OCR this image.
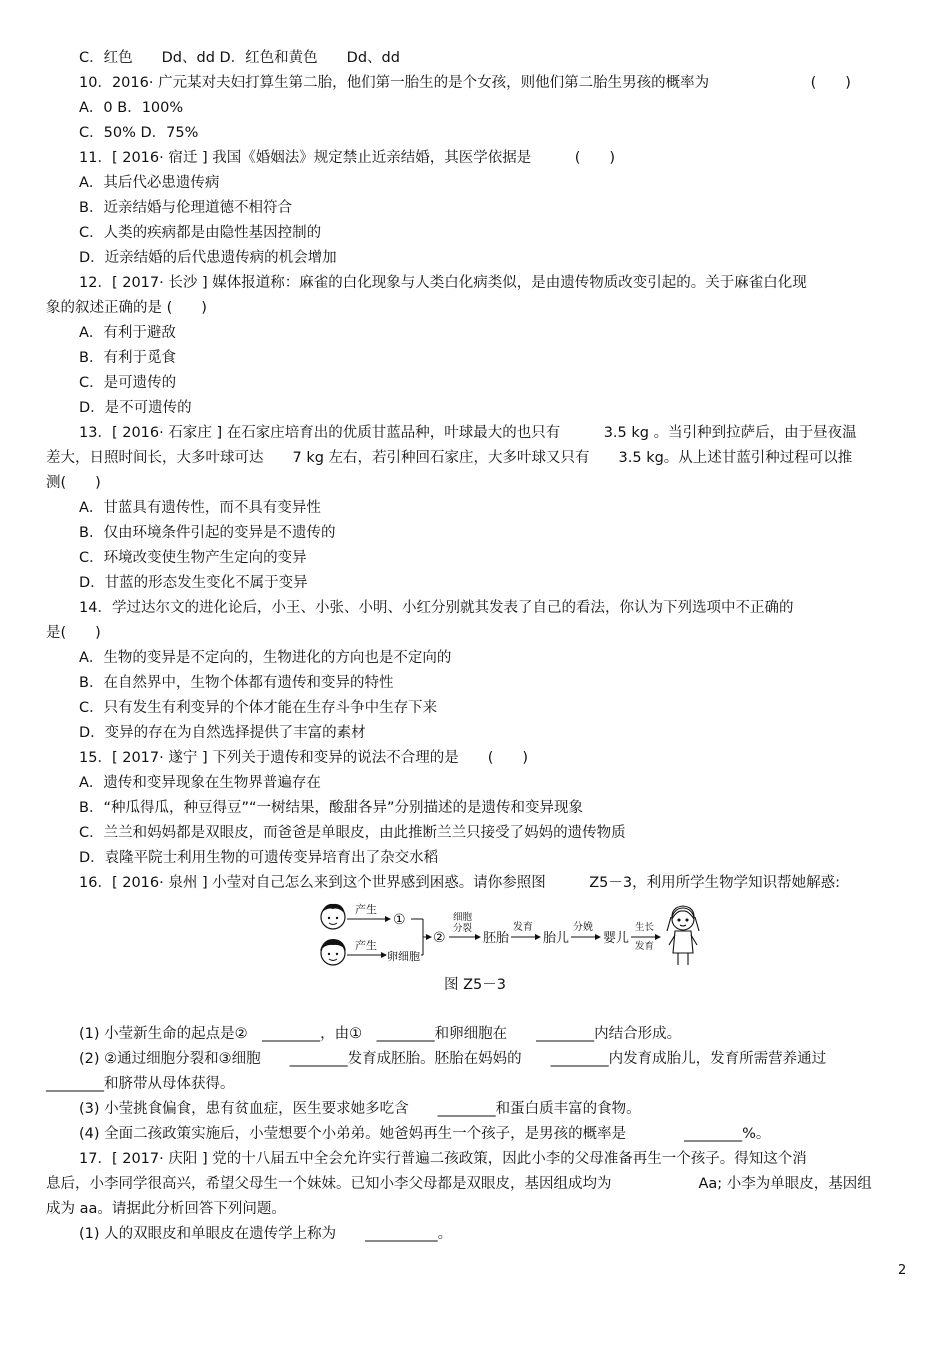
C．红色　　Dd、dd D．红色和黄色　　Dd、dd
10．2016· 广元某对夫妇打算生第二胎，他们第一胎生的是个女孩，则他们第二胎生男孩的概率为　　　　　　　(　　)
A．0 B．100%
C．50% D．75%
11．[ 2016· 宿迁 ] 我国《婚姻法》规定禁止近亲结婚，其医学依据是　　　(　　)
A．其后代必患遗传病
B．近亲结婚与伦理道德不相符合
C．人类的疾病都是由隐性基因控制的
D．近亲结婚的后代患遗传病的机会增加
12．[ 2017· 长沙 ] 媒体报道称：麻雀的白化现象与人类白化病类似，是由遗传物质改变引起的。关于麻雀白化现
象的叙述正确的是 (　　)
A．有利于避敌
B．有利于觅食
C．是可遗传的
D．是不可遗传的
13．[ 2016· 石家庄 ] 在石家庄培育出的优质甘蓝品种，叶球最大的也只有　　　3.5 kg 。当引种到拉萨后，由于昼夜温
差大，日照时间长，大多叶球可达　　7 kg 左右，若引种回石家庄，大多叶球又只有　　3.5 kg。从上述甘蓝引种过程可以推
测(　　)
A．甘蓝具有遗传性，而不具有变异性
B．仅由环境条件引起的变异是不遗传的
C．环境改变使生物产生定向的变异
D．甘蓝的形态发生变化不属于变异
14．学过达尔文的进化论后，小王、小张、小明、小红分别就其发表了自己的看法，你认为下列选项中不正确的
是(　　)
A．生物的变异是不定向的，生物进化的方向也是不定向的
B．在自然界中，生物个体都有遗传和变异的特性
C．只有发生有利变异的个体才能在生存斗争中生存下来
D．变异的存在为自然选择提供了丰富的素材
15．[ 2017· 遂宁 ] 下列关于遗传和变异的说法不合理的是　　(　　)
A．遗传和变异现象在生物界普遍存在
B．“种瓜得瓜，种豆得豆”“一树结果，酸甜各异”分别描述的是遗传和变异现象
C．兰兰和妈妈都是双眼皮，而爸爸是单眼皮，由此推断兰兰只接受了妈妈的遗传物质
D．袁隆平院士利用生物的可遗传变异培育出了杂交水稻
16．[ 2016· 泉州 ] 小莹对自己怎么来到这个世界感到困惑。请你参照图　　　Z5－3，利用所学生物学知识帮她解惑:
产生
①
产生
卵细胞
②
细胞
分裂
胚胎
发育
胎儿
分娩
婴儿
生长
发育
图 Z5－3
(1) 小莹新生命的起点是②　________，由①　________和卵细胞在　　________内结合形成。
(2) ②通过细胞分裂和③细胞　　________发育成胚胎。胚胎在妈妈的　　________内发育成胎儿，发育所需营养通过
________和脐带从母体获得。
(3) 小莹挑食偏食，患有贫血症，医生要求她多吃含　　________和蛋白质丰富的食物。
(4) 全面二孩政策实施后，小莹想要个小弟弟。她爸妈再生一个孩子，是男孩的概率是　　　　________%。
17．[ 2017· 庆阳 ] 党的十八届五中全会允许实行普遍二孩政策，因此小李的父母准备再生一个孩子。得知这个消
息后，小李同学很高兴，希望父母生一个妹妹。已知小李父母都是双眼皮，基因组成均为　　　　　　Aa; 小李为单眼皮，基因组
成为 aa。请据此分析回答下列问题。
(1) 人的双眼皮和单眼皮在遗传学上称为　　__________。
2
